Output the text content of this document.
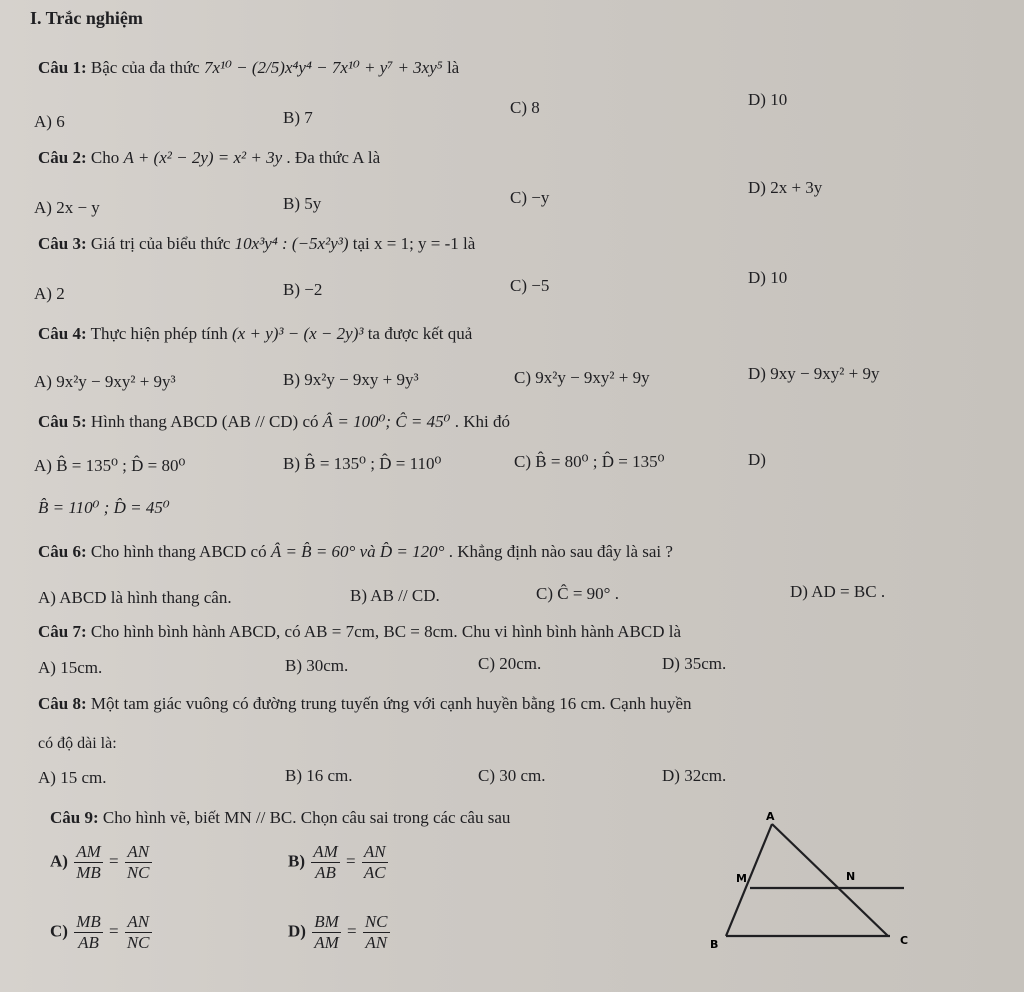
I. Trắc nghiệm
Câu 1: Bậc của đa thức 7x¹⁰ − (2/5)x⁴y⁴ − 7x¹⁰ + y⁷ + 3xy⁵ là
A) 6	B) 7
C) 8	D) 10
Câu 2: Cho A + (x² − 2y) = x² + 3y . Đa thức A là
A) 2x − y	B) 5y	C) −y
D) 2x + 3y
Câu 3: Giá trị của biểu thức 10x³y⁴ : (−5x²y³) tại x = 1; y = -1 là
A) 2	B) −2	C) −5	D) 10
Câu 4: Thực hiện phép tính (x + y)³ − (x − 2y)³ ta được kết quả
A) 9x²y − 9xy² + 9y³	B) 9x²y − 9xy + 9y³	C) 9x²y − 9xy² + 9y	D) 9xy − 9xy² + 9y
Câu 5: Hình thang ABCD (AB // CD) có Â = 100⁰; Ĉ = 45⁰ . Khi đó
A) B̂ = 135⁰ ; D̂ = 80⁰	B) B̂ = 135⁰ ; D̂ = 110⁰	C) B̂ = 80⁰ ; D̂ = 135⁰	D)
B̂ = 110⁰ ; D̂ = 45⁰
Câu 6: Cho hình thang ABCD có Â = B̂ = 60° và D̂ = 120° . Khẳng định nào sau đây là sai ?
A) ABCD là hình thang cân.	B) AB // CD.	C) Ĉ = 90° .	D) AD = BC .
Câu 7: Cho hình bình hành ABCD, có AB = 7cm, BC = 8cm. Chu vi hình bình hành ABCD là
A) 15cm.	B) 30cm.	C) 20cm.	D) 35cm.
Câu 8: Một tam giác vuông có đường trung tuyến ứng với cạnh huyền bằng 16 cm. Cạnh huyền
có độ dài là:
A) 15 cm.	B) 16 cm.	C) 30 cm.	D) 32cm.
Câu 9: Cho hình vẽ, biết MN // BC. Chọn câu sai trong các câu sau
$A) \frac{AM}{MB} = \frac{AN}{NC}$	$B) \frac{AM}{AB} = \frac{AN}{AC}$
$C) \frac{MB}{AB} = \frac{AN}{NC}$	$D) \frac{BM}{AM} = \frac{NC}{AN}$
A
M	N
B	C
